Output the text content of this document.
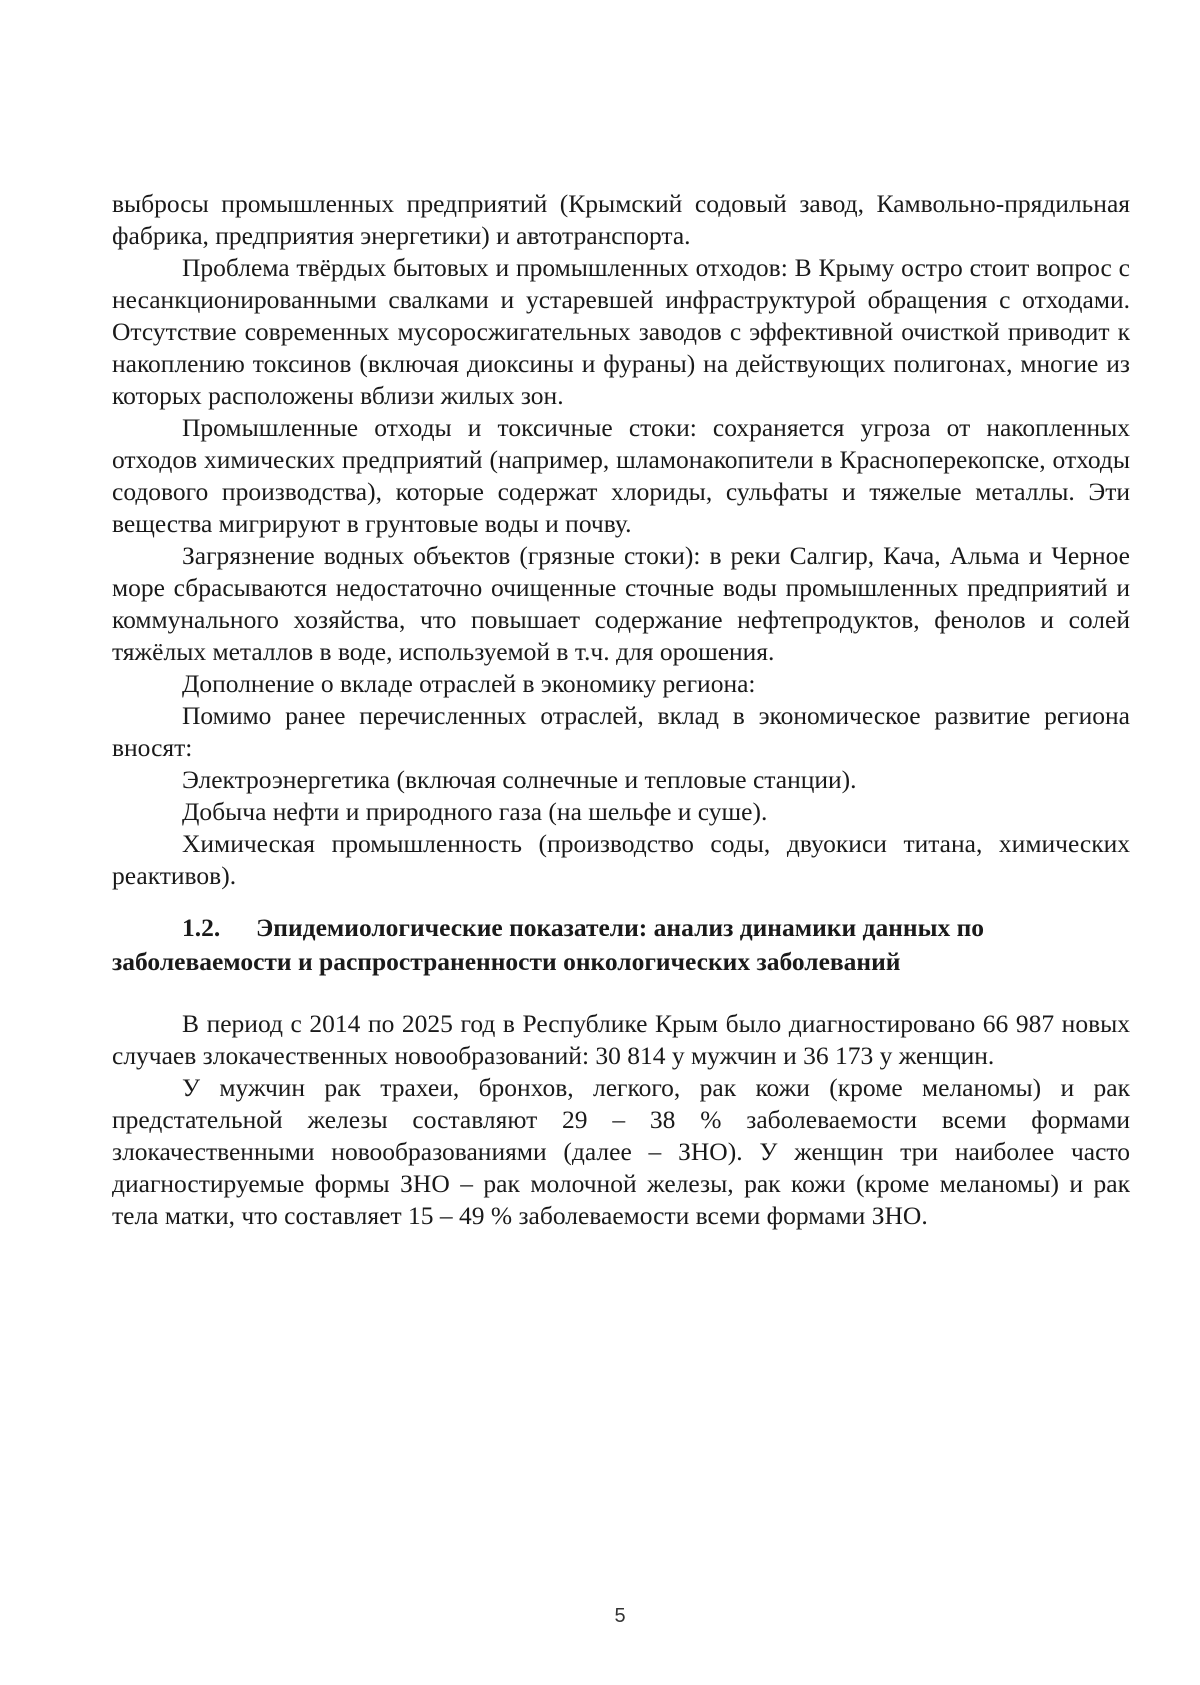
выбросы промышленных предприятий (Крымский содовый завод, Камвольно-прядильная фабрика, предприятия энергетики) и автотранспорта.

Проблема твёрдых бытовых и промышленных отходов: В Крыму остро стоит вопрос с несанкционированными свалками и устаревшей инфраструктурой обращения с отходами. Отсутствие современных мусоросжигательных заводов с эффективной очисткой приводит к накоплению токсинов (включая диоксины и фураны) на действующих полигонах, многие из которых расположены вблизи жилых зон.

Промышленные отходы и токсичные стоки: сохраняется угроза от накопленных отходов химических предприятий (например, шламонакопители в Красноперекопске, отходы содового производства), которые содержат хлориды, сульфаты и тяжелые металлы. Эти вещества мигрируют в грунтовые воды и почву.

Загрязнение водных объектов (грязные стоки): в реки Салгир, Кача, Альма и Черное море сбрасываются недостаточно очищенные сточные воды промышленных предприятий и коммунального хозяйства, что повышает содержание нефтепродуктов, фенолов и солей тяжёлых металлов в воде, используемой в т.ч. для орошения.

Дополнение о вкладе отраслей в экономику региона:

Помимо ранее перечисленных отраслей, вклад в экономическое развитие региона вносят:

Электроэнергетика (включая солнечные и тепловые станции).

Добыча нефти и природного газа (на шельфе и суше).

Химическая промышленность (производство соды, двуокиси титана, химических реактивов).

1.2. Эпидемиологические показатели: анализ динамики данных по заболеваемости и распространенности онкологических заболеваний

В период с 2014 по 2025 год в Республике Крым было диагностировано 66 987 новых случаев злокачественных новообразований: 30 814 у мужчин и 36 173 у женщин.

У мужчин рак трахеи, бронхов, легкого, рак кожи (кроме меланомы) и рак предстательной железы составляют 29 – 38 % заболеваемости всеми формами злокачественными новообразованиями (далее – ЗНО). У женщин три наиболее часто диагностируемые формы ЗНО – рак молочной железы, рак кожи (кроме меланомы) и рак тела матки, что составляет 15 – 49 % заболеваемости всеми формами ЗНО.

5
